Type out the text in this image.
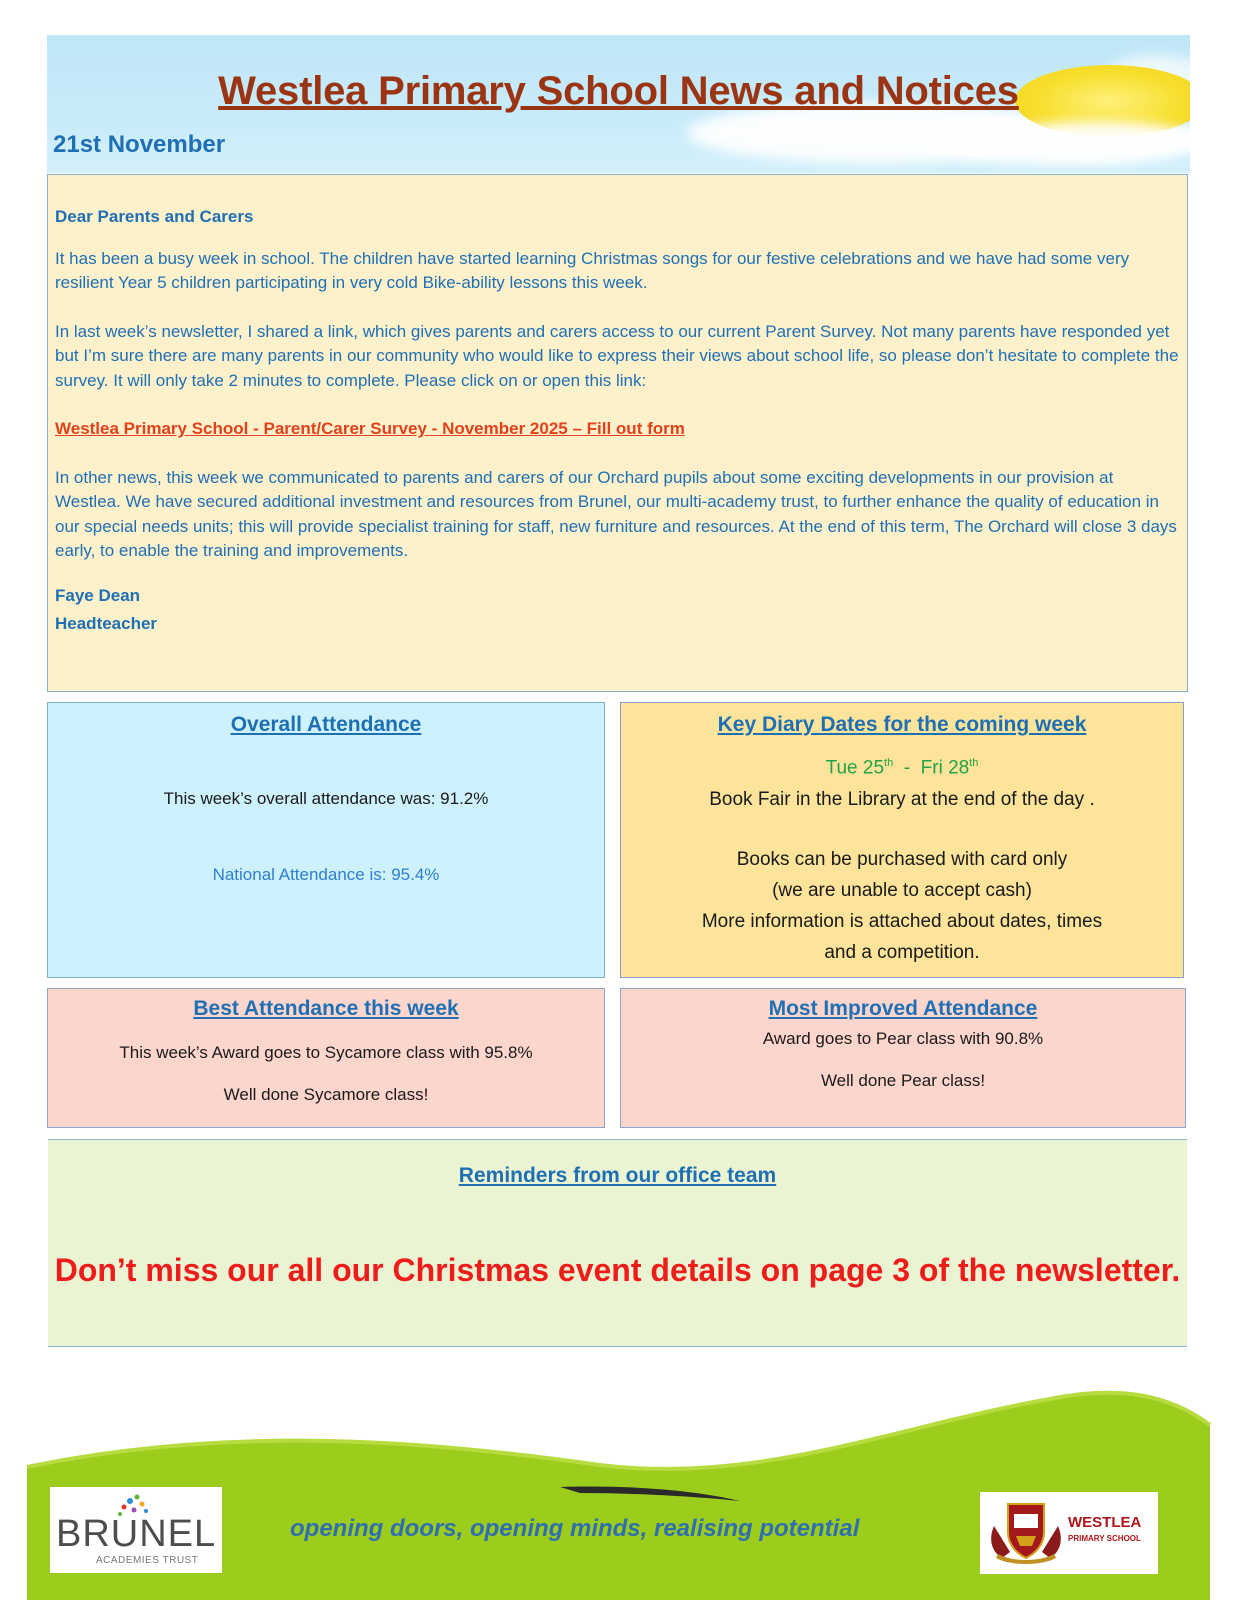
Westlea Primary School News and Notices
21st November

Dear Parents and Carers

It has been a busy week in school. The children have started learning Christmas songs for our festive celebrations and we have had some very resilient Year 5 children participating in very cold Bike-ability lessons this week.

In last week’s newsletter, I shared a link, which gives parents and carers access to our current Parent Survey. Not many parents have responded yet but I’m sure there are many parents in our community who would like to express their views about school life, so please don’t hesitate to complete the survey. It will only take 2 minutes to complete. Please click on or open this link:

Westlea Primary School - Parent/Carer Survey - November 2025 – Fill out form

In other news, this week we communicated to parents and carers of our Orchard pupils about some exciting developments in our provision at Westlea. We have secured additional investment and resources from Brunel, our multi-academy trust, to further enhance the quality of education in our special needs units; this will provide specialist training for staff, new furniture and resources. At the end of this term, The Orchard will close 3 days early, to enable the training and improvements.

Faye Dean

Headteacher

Overall Attendance
This week’s overall attendance was: 91.2%
National Attendance is: 95.4%
Key Diary Dates for the coming week
Tue 25th  -  Fri 28th
Book Fair in the Library at the end of the day .
Books can be purchased with card only
(we are unable to accept cash)
More information is attached about dates, times
and a competition.
Best Attendance this week
This week’s Award goes to Sycamore class with 95.8%
Well done Sycamore class!
Most Improved Attendance
Award goes to Pear class with 90.8%
Well done Pear class!
Reminders from our office team
Don’t miss our all our Christmas event details on page 3 of the newsletter.
BRUNEL
ACADEMIES TRUST
opening doors, opening minds, realising potential	WESTLEA
PRIMARY SCHOOL
